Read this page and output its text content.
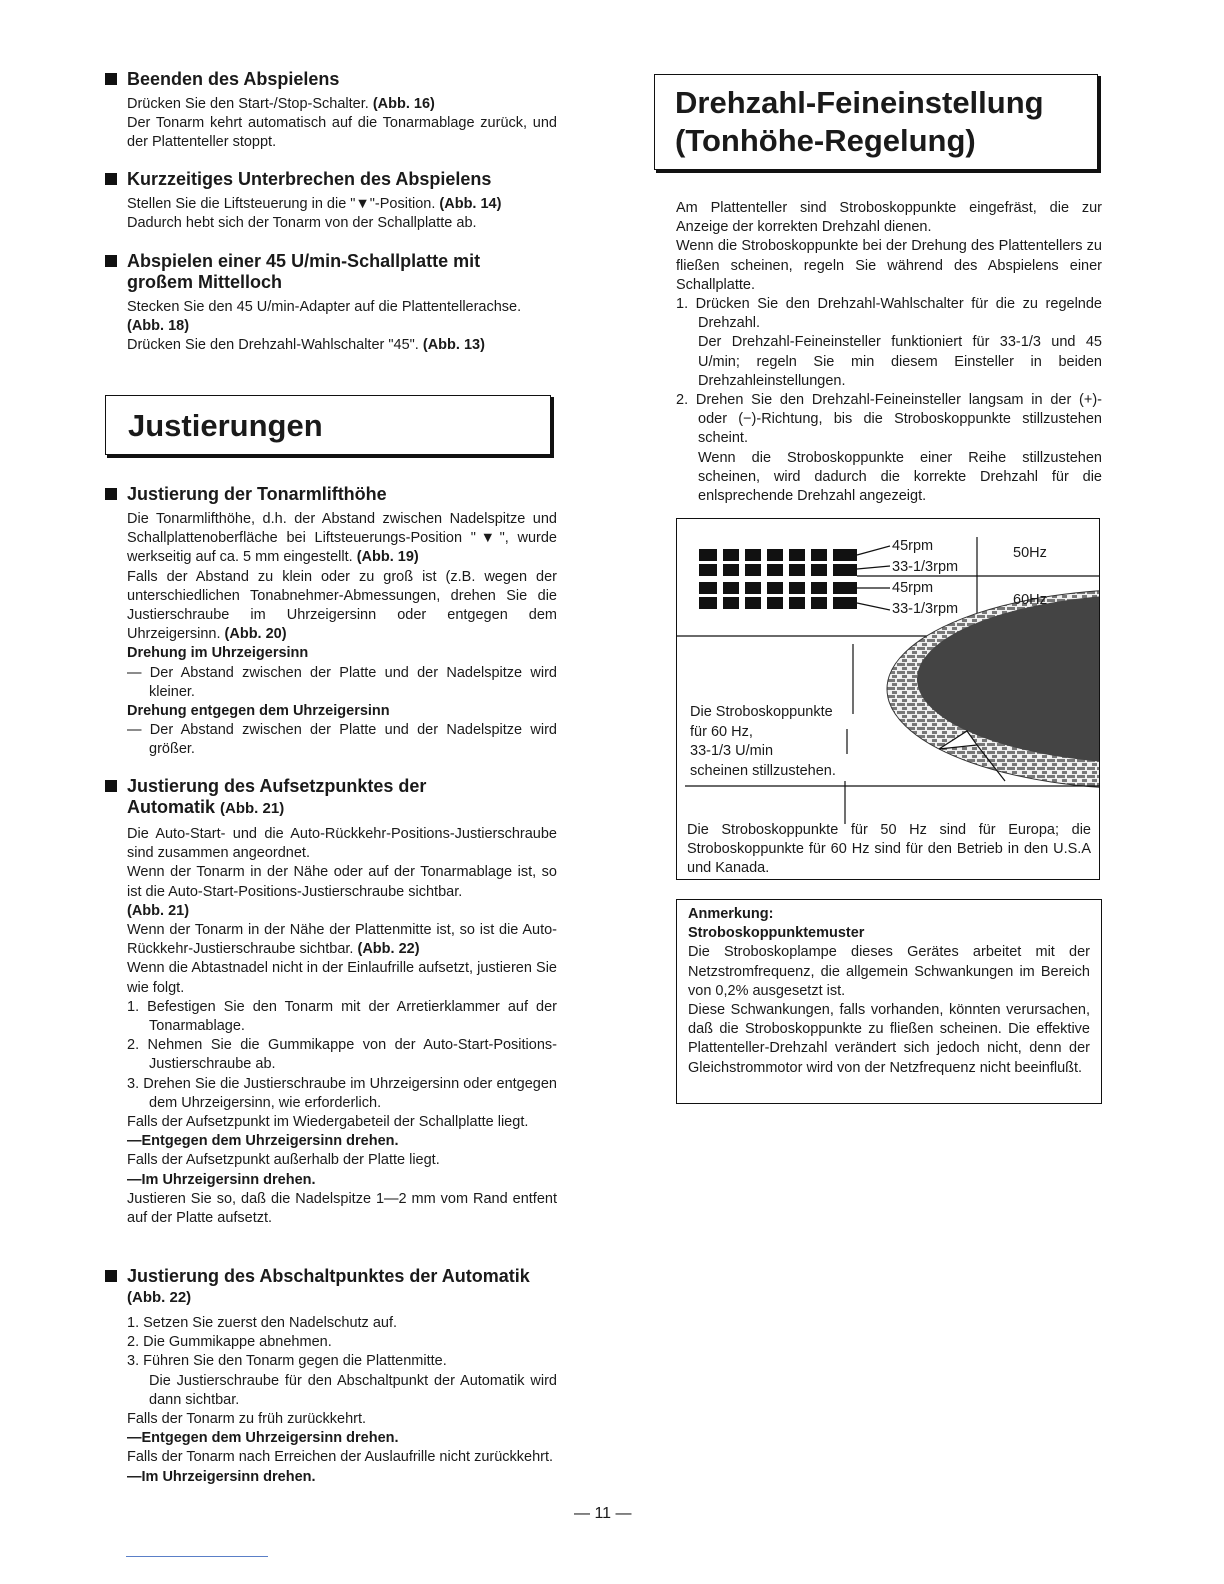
Beenden des Abspielens
Drücken Sie den Start-/Stop-Schalter. (Abb. 16)
Der Tonarm kehrt automatisch auf die Tonarmablage zurück, und der Plattenteller stoppt.
Kurzzeitiges Unterbrechen des Abspielens
Stellen Sie die Liftsteuerung in die "▼"-Position. (Abb. 14)
Dadurch hebt sich der Tonarm von der Schallplatte ab.
Abspielen einer 45 U/min-Schallplatte mit
großem Mittelloch
Stecken Sie den 45 U/min-Adapter auf die Plattentellerachse.
(Abb. 18)
Drücken Sie den Drehzahl-Wahlschalter "45". (Abb. 13)
Justierungen
Justierung der Tonarmlifthöhe
Die Tonarmlifthöhe, d.h. der Abstand zwischen Nadelspitze und Schallplattenoberfläche bei Liftsteuerungs-Position "▼", wurde werkseitig auf ca. 5 mm eingestellt. (Abb. 19)
Falls der Abstand zu klein oder zu groß ist (z.B. wegen der unterschiedlichen Tonabnehmer-Abmessungen, drehen Sie die Justierschraube im Uhrzeigersinn oder entgegen dem Uhrzeigersinn. (Abb. 20)
Drehung im Uhrzeigersinn
— Der Abstand zwischen der Platte und der Nadelspitze wird kleiner.
Drehung entgegen dem Uhrzeigersinn
— Der Abstand zwischen der Platte und der Nadelspitze wird größer.
Justierung des Aufsetzpunktes der
Automatik (Abb. 21)
Die Auto-Start- und die Auto-Rückkehr-Positions-Justierschraube sind zusammen angeordnet.
Wenn der Tonarm in der Nähe oder auf der Tonarmablage ist, so ist die Auto-Start-Positions-Justierschraube sichtbar.
(Abb. 21)
Wenn der Tonarm in der Nähe der Plattenmitte ist, so ist die Auto-Rückkehr-Justierschraube sichtbar. (Abb. 22)
Wenn die Abtastnadel nicht in der Einlaufrille aufsetzt, justieren Sie wie folgt.
1. Befestigen Sie den Tonarm mit der Arretierklammer auf der Tonarmablage.
2. Nehmen Sie die Gummikappe von der Auto-Start-Positions-Justierschraube ab.
3. Drehen Sie die Justierschraube im Uhrzeigersinn oder entgegen dem Uhrzeigersinn, wie erforderlich.
Falls der Aufsetzpunkt im Wiedergabeteil der Schallplatte liegt.
—Entgegen dem Uhrzeigersinn drehen.
Falls der Aufsetzpunkt außerhalb der Platte liegt.
—Im Uhrzeigersinn drehen.
Justieren Sie so, daß die Nadelspitze 1—2 mm vom Rand entfent auf der Platte aufsetzt.
Justierung des Abschaltpunktes der Automatik
(Abb. 22)
1. Setzen Sie zuerst den Nadelschutz auf.
2. Die Gummikappe abnehmen.
3. Führen Sie den Tonarm gegen die Plattenmitte.
Die Justierschraube für den Abschaltpunkt der Automatik wird dann sichtbar.
Falls der Tonarm zu früh zurückkehrt.
—Entgegen dem Uhrzeigersinn drehen.
Falls der Tonarm nach Erreichen der Auslaufrille nicht zurückkehrt.
—Im Uhrzeigersinn drehen.
Drehzahl-Feineinstellung
(Tonhöhe-Regelung)
Am Plattenteller sind Stroboskoppunkte eingefräst, die zur Anzeige der korrekten Drehzahl dienen.
Wenn die Stroboskoppunkte bei der Drehung des Plattentellers zu fließen scheinen, regeln Sie während des Abspielens einer Schallplatte.
1. Drücken Sie den Drehzahl-Wahlschalter für die zu regelnde Drehzahl.
Der Drehzahl-Feineinsteller funktioniert für 33-1/3 und 45 U/min; regeln Sie min diesem Einsteller in beiden Drehzahleinstellungen.
2. Drehen Sie den Drehzahl-Feineinsteller langsam in der (+)- oder (−)-Richtung, bis die Stroboskoppunkte stillzustehen scheint.
Wenn die Stroboskoppunkte einer Reihe stillzustehen scheinen, wird dadurch die korrekte Drehzahl für die enlsprechende Drehzahl angezeigt.
45rpm
33-1/3rpm
45rpm
33-1/3rpm
50Hz
60Hz
Die Stroboskoppunkte
für 60 Hz,
33-1/3 U/min
scheinen stillzustehen.
Die Stroboskoppunkte für 50 Hz sind für Europa; die Stroboskoppunkte für 60 Hz sind für den Betrieb in den U.S.A und Kanada.
Anmerkung:
Stroboskoppunktemuster
Die Stroboskoplampe dieses Gerätes arbeitet mit der Netzstromfrequenz, die allgemein Schwankungen im Bereich von 0,2% ausgesetzt ist.
Diese Schwankungen, falls vorhanden, könnten verursachen, daß die Stroboskoppunkte zu fließen scheinen. Die effektive Plattenteller-Drehzahl verändert sich jedoch nicht, denn der Gleichstrommotor wird von der Netzfrequenz nicht beeinflußt.
— 11 —
